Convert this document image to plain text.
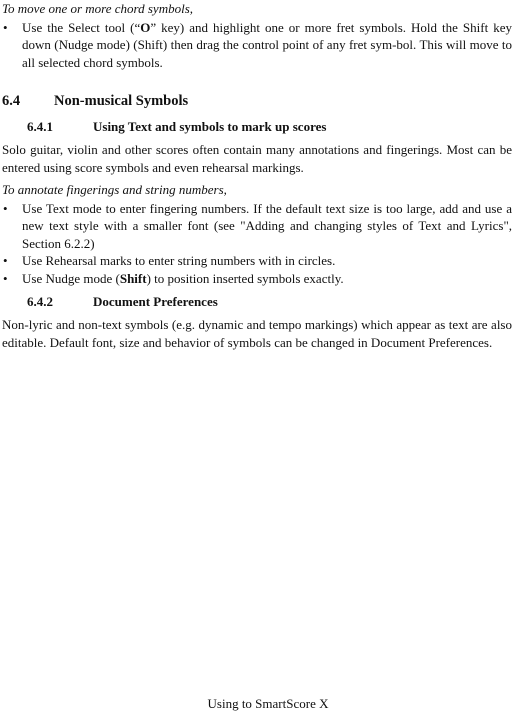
To move one or more chord symbols,
• Use the Select tool (“O” key) and highlight one or more fret symbols. Hold the Shift key down (Nudge mode) (Shift) then drag the control point of any fret sym-bol. This will move to all selected chord symbols.
6.4 Non-musical Symbols
6.4.1	Using Text and symbols to mark up scores

Solo guitar, violin and other scores often contain many annotations and fingerings. Most can be entered using score symbols and even rehearsal markings.

To annotate fingerings and string numbers,
• Use Text mode to enter fingering numbers. If the default text size is too large, add and use a new text style with a smaller font (see "Adding and changing styles of Text and Lyrics", Section 6.2.2)
• Use Rehearsal marks to enter string numbers with in circles.
• Use Nudge mode (Shift) to position inserted symbols exactly.
6.4.2	Document Preferences

Non-lyric and non-text symbols (e.g. dynamic and tempo markings) which appear as text are also editable. Default font, size and behavior of symbols can be changed in Document Preferences.

Using to SmartScore X
